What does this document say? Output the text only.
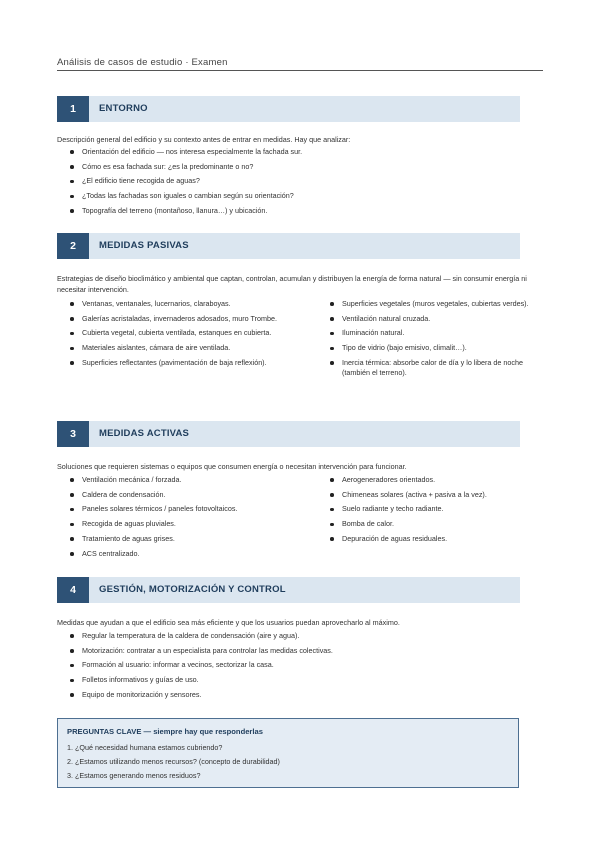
Análisis de casos de estudio · Examen
1	ENTORNO
Descripción general del edificio y su contexto antes de entrar en medidas. Hay que analizar:
Orientación del edificio — nos interesa especialmente la fachada sur.
Cómo es esa fachada sur: ¿es la predominante o no?
¿El edificio tiene recogida de aguas?
¿Todas las fachadas son iguales o cambian según su orientación?
Topografía del terreno (montañoso, llanura…) y ubicación.
2	MEDIDAS PASIVAS
Estrategias de diseño bioclimático y ambiental que captan, controlan, acumulan y distribuyen la energía de forma natural — sin consumir energía ni necesitar intervención.
Ventanas, ventanales, lucernarios, claraboyas.
Galerías acristaladas, invernaderos adosados, muro Trombe.
Cubierta vegetal, cubierta ventilada, estanques en cubierta.
Materiales aislantes, cámara de aire ventilada.
Superficies reflectantes (pavimentación de baja reflexión).
Superficies vegetales (muros vegetales, cubiertas verdes).
Ventilación natural cruzada.
Iluminación natural.
Tipo de vidrio (bajo emisivo, climalit…).
Inercia térmica: absorbe calor de día y lo libera de noche (también el terreno).
3	MEDIDAS ACTIVAS
Soluciones que requieren sistemas o equipos que consumen energía o necesitan intervención para funcionar.
Ventilación mecánica / forzada.
Caldera de condensación.
Paneles solares térmicos / paneles fotovoltaicos.
Recogida de aguas pluviales.
Tratamiento de aguas grises.
ACS centralizado.
Aerogeneradores orientados.
Chimeneas solares (activa + pasiva a la vez).
Suelo radiante y techo radiante.
Bomba de calor.
Depuración de aguas residuales.
4	GESTIÓN, MOTORIZACIÓN Y CONTROL
Medidas que ayudan a que el edificio sea más eficiente y que los usuarios puedan aprovecharlo al máximo.
Regular la temperatura de la caldera de condensación (aire y agua).
Motorización: contratar a un especialista para controlar las medidas colectivas.
Formación al usuario: informar a vecinos, sectorizar la casa.
Folletos informativos y guías de uso.
Equipo de monitorización y sensores.
PREGUNTAS CLAVE — siempre hay que responderlas
1. ¿Qué necesidad humana estamos cubriendo?
2. ¿Estamos utilizando menos recursos? (concepto de durabilidad)
3. ¿Estamos generando menos residuos?
